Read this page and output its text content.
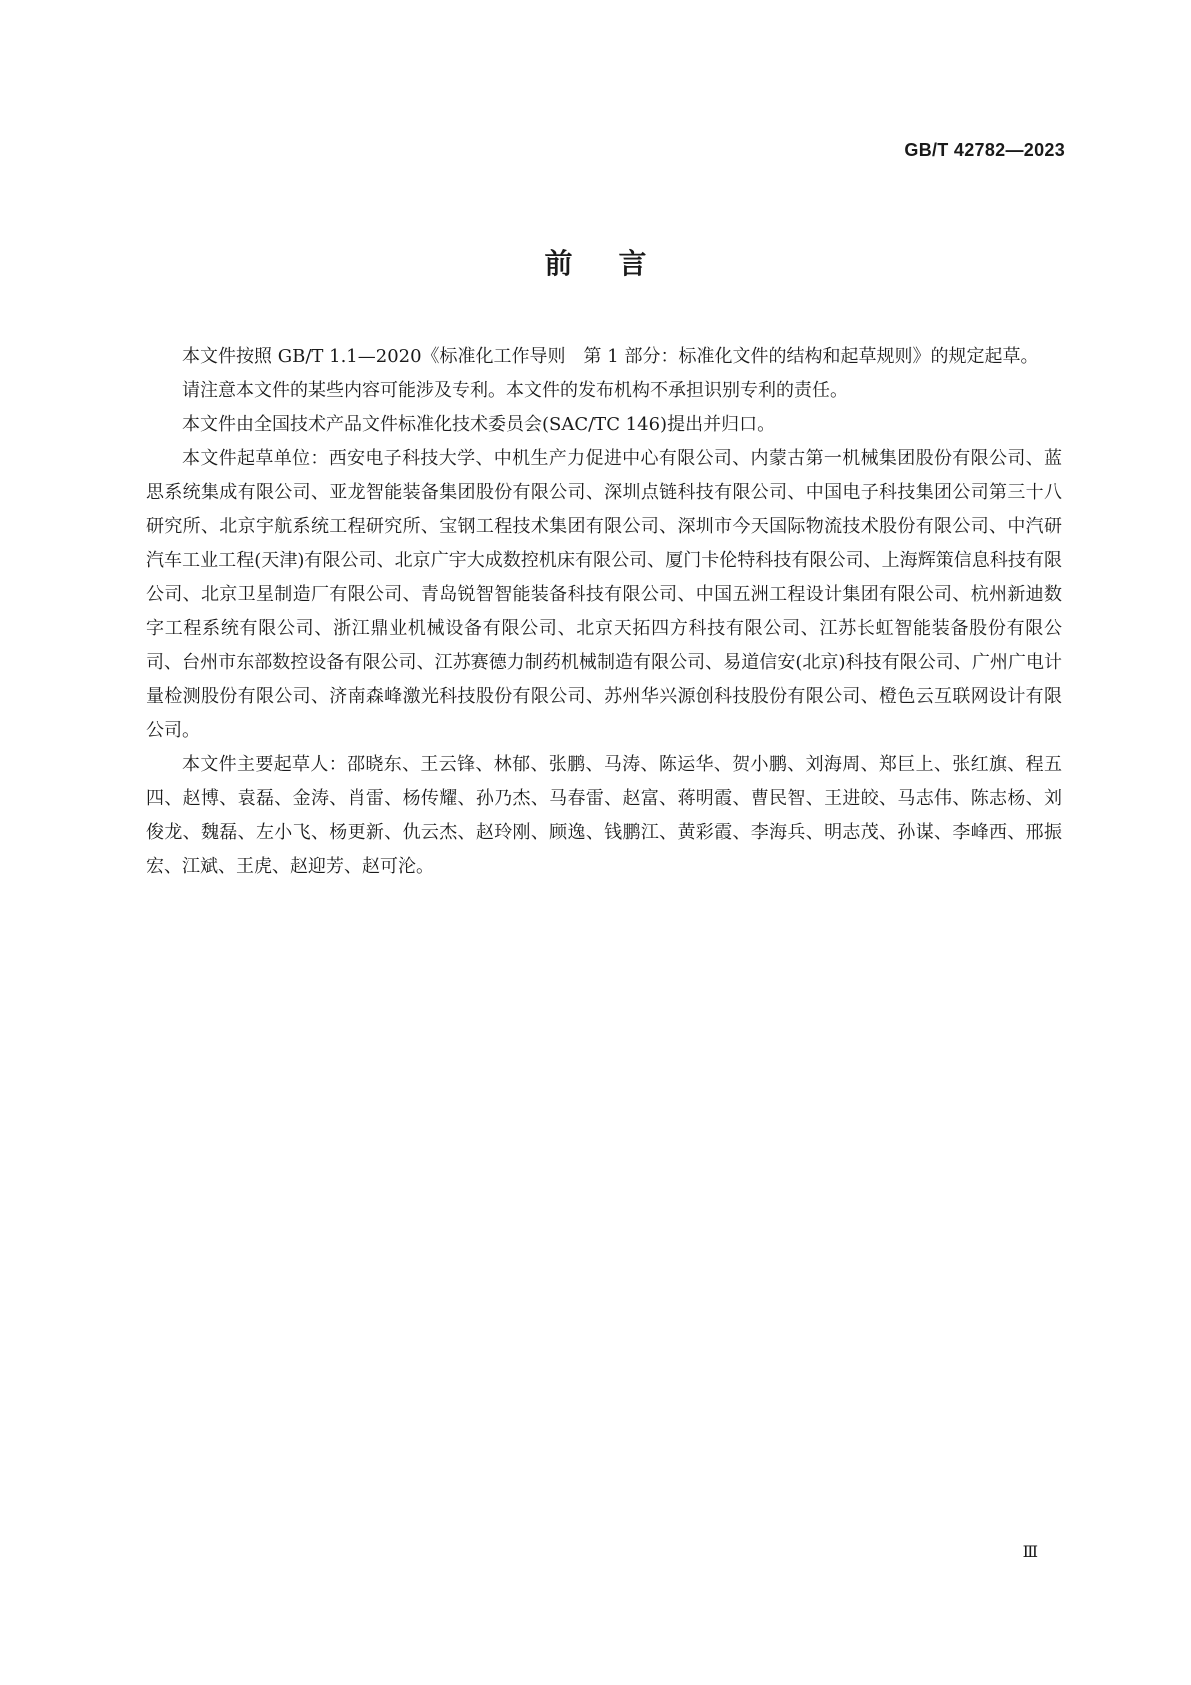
GB/T 42782—2023
前言

本文件按照 GB/T 1.1—2020《标准化工作导则　第 1 部分：标准化文件的结构和起草规则》的规定起草。

请注意本文件的某些内容可能涉及专利。本文件的发布机构不承担识别专利的责任。

本文件由全国技术产品文件标准化技术委员会(SAC/TC 146)提出并归口。

本文件起草单位：西安电子科技大学、中机生产力促进中心有限公司、内蒙古第一机械集团股份有限公司、蓝思系统集成有限公司、亚龙智能装备集团股份有限公司、深圳点链科技有限公司、中国电子科技集团公司第三十八研究所、北京宇航系统工程研究所、宝钢工程技术集团有限公司、深圳市今天国际物流技术股份有限公司、中汽研汽车工业工程(天津)有限公司、北京广宇大成数控机床有限公司、厦门卡伦特科技有限公司、上海辉策信息科技有限公司、北京卫星制造厂有限公司、青岛锐智智能装备科技有限公司、中国五洲工程设计集团有限公司、杭州新迪数字工程系统有限公司、浙江鼎业机械设备有限公司、北京天拓四方科技有限公司、江苏长虹智能装备股份有限公司、台州市东部数控设备有限公司、江苏赛德力制药机械制造有限公司、易道信安(北京)科技有限公司、广州广电计量检测股份有限公司、济南森峰激光科技股份有限公司、苏州华兴源创科技股份有限公司、橙色云互联网设计有限公司。

本文件主要起草人：邵晓东、王云锋、林郁、张鹏、马涛、陈运华、贺小鹏、刘海周、郑巨上、张红旗、程五四、赵博、袁磊、金涛、肖雷、杨传耀、孙乃杰、马春雷、赵富、蒋明霞、曹民智、王进皎、马志伟、陈志杨、刘俊龙、魏磊、左小飞、杨更新、仇云杰、赵玲刚、顾逸、钱鹏江、黄彩霞、李海兵、明志茂、孙谋、李峰西、邢振宏、江斌、王虎、赵迎芳、赵可沦。

Ⅲ
